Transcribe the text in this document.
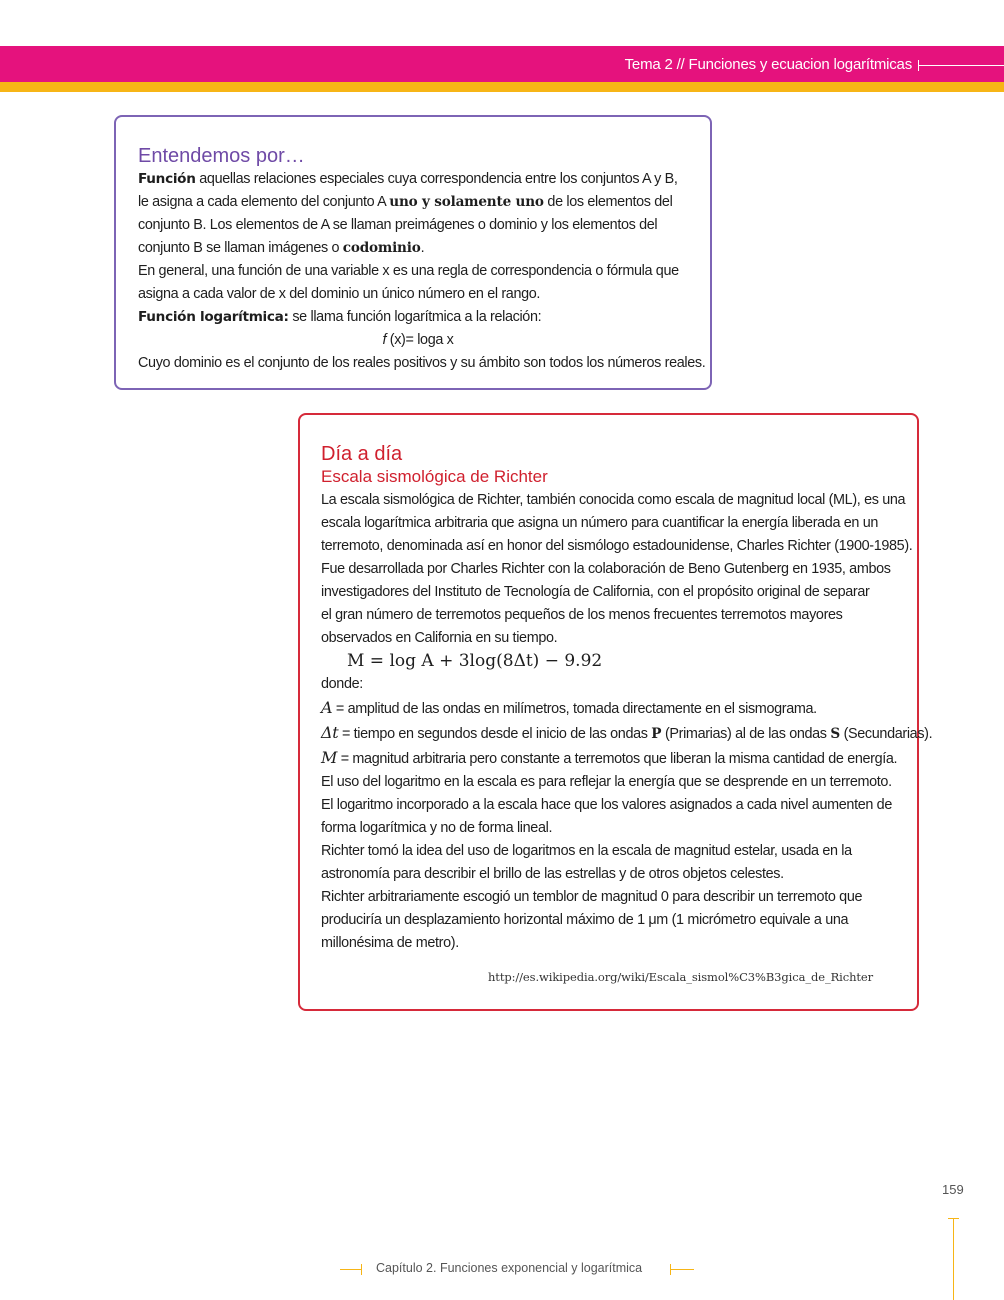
Tema 2 // Funciones y ecuacion logarítmicas
Entendemos por…
Función aquellas relaciones especiales cuya correspondencia entre los conjuntos A y B,
le asigna a cada elemento del conjunto A uno y solamente uno de los elementos del
conjunto B. Los elementos de A se llaman preimágenes o dominio y los elementos del
conjunto B se llaman imágenes o codominio.
En general, una función de una variable x es una regla de correspondencia o fórmula que
asigna a cada valor de x del dominio un único número en el rango.
Función logarítmica: se llama función logarítmica a la relación:
f (x)= loga x
Cuyo dominio es el conjunto de los reales positivos y su ámbito son todos los números reales.
Día a día
Escala sismológica de Richter
La escala sismológica de Richter, también conocida como escala de magnitud local (ML), es una
escala logarítmica arbitraria que asigna un número para cuantificar la energía liberada en un
terremoto, denominada así en honor del sismólogo estadounidense, Charles Richter (1900-1985).
Fue desarrollada por Charles Richter con la colaboración de Beno Gutenberg en 1935, ambos
investigadores del Instituto de Tecnología de California, con el propósito original de separar
el gran número de terremotos pequeños de los menos frecuentes terremotos mayores
observados en California en su tiempo.
M = log A + 3log(8Δt) − 9.92
donde:
A = amplitud de las ondas en milímetros, tomada directamente en el sismograma.
Δt = tiempo en segundos desde el inicio de las ondas P (Primarias) al de las ondas S (Secundarias).
M = magnitud arbitraria pero constante a terremotos que liberan la misma cantidad de energía.
El uso del logaritmo en la escala es para reflejar la energía que se desprende en un terremoto.
El logaritmo incorporado a la escala hace que los valores asignados a cada nivel aumenten de
forma logarítmica y no de forma lineal.
Richter tomó la idea del uso de logaritmos en la escala de magnitud estelar, usada en la
astronomía para describir el brillo de las estrellas y de otros objetos celestes.
Richter arbitrariamente escogió un temblor de magnitud 0 para describir un terremoto que
produciría un desplazamiento horizontal máximo de 1 μm (1 micrómetro equivale a una
millonésima de metro).
http://es.wikipedia.org/wiki/Escala_sismol%C3%B3gica_de_Richter
159
Capítulo 2. Funciones exponencial y logarítmica
